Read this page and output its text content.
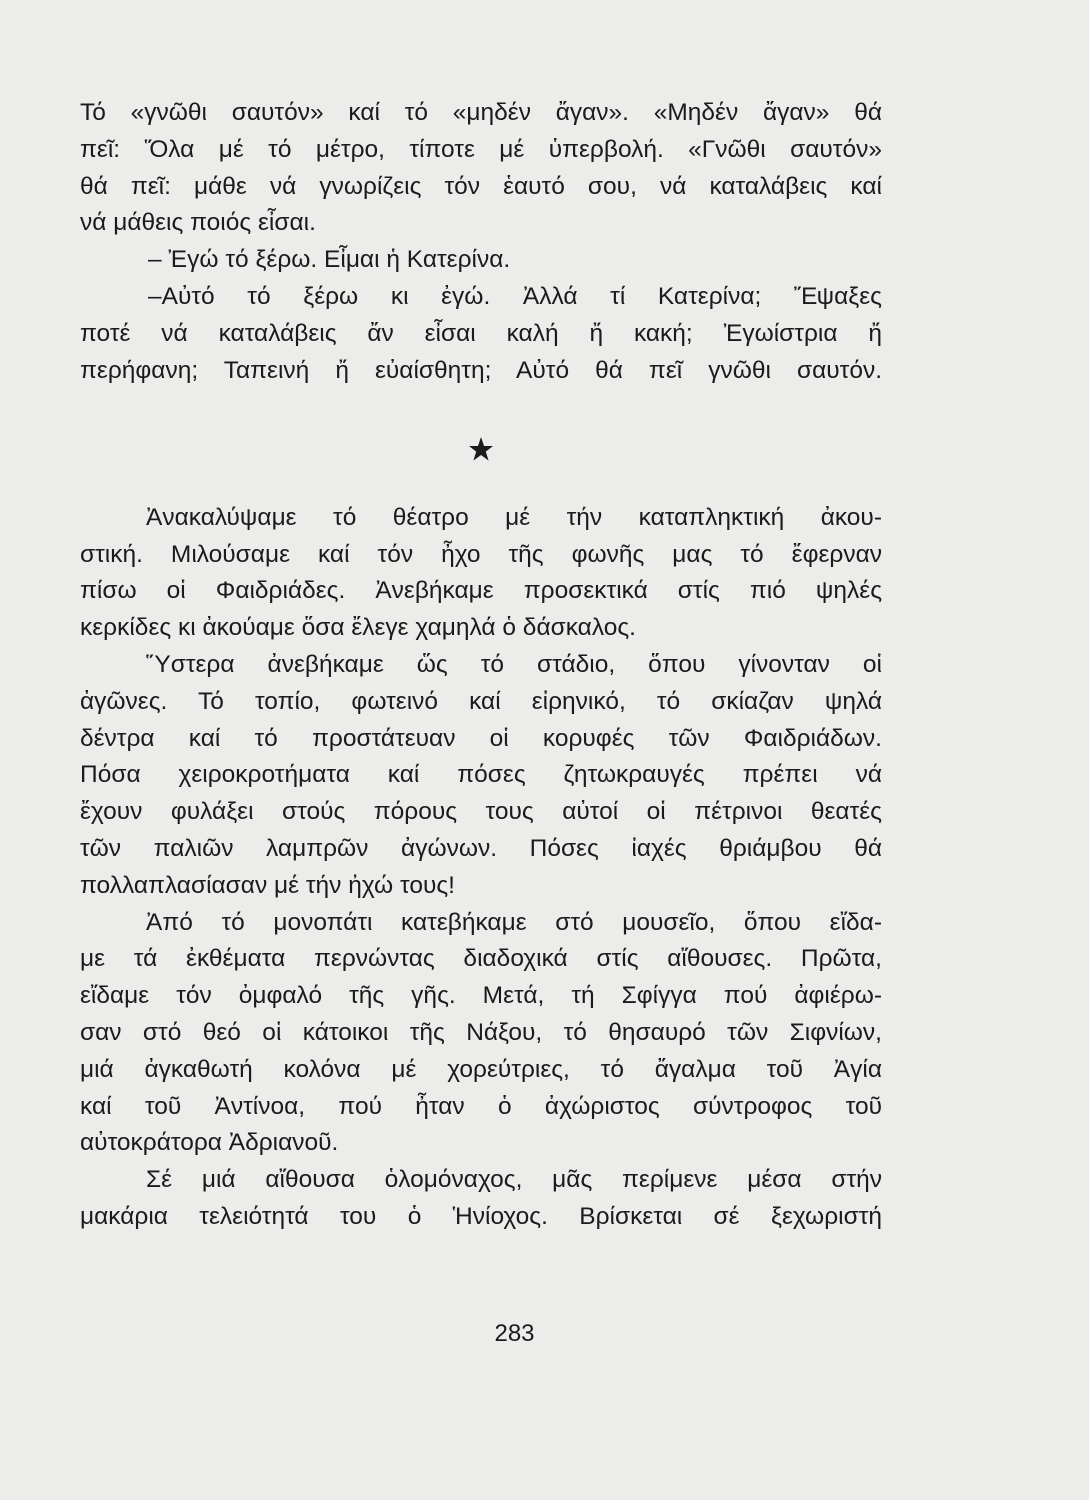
Τό «γνῶθι σαυτόν» καί τό «μηδέν ἄγαν». «Μηδέν ἄγαν» θά
πεῖ: Ὅλα μέ τό μέτρο, τίποτε μέ ὑπερβολή. «Γνῶθι σαυτόν»
θά πεῖ: μάθε νά γνωρίζεις τόν ἑαυτό σου, νά καταλάβεις καί
νά μάθεις ποιός εἶσαι.
– Ἐγώ τό ξέρω. Εἶμαι ἡ Κατερίνα.
–Αὐτό τό ξέρω κι ἐγώ. Ἀλλά τί Κατερίνα; Ἔψαξες
ποτέ νά καταλάβεις ἄν εἶσαι καλή ἤ κακή; Ἐγωίστρια ἤ
περήφανη; Ταπεινή ἤ εὐαίσθητη; Αὐτό θά πεῖ γνῶθι σαυτόν.
Ἀνακαλύψαμε τό θέατρο μέ τήν καταπληκτική ἀκου-
στική. Μιλούσαμε καί τόν ἦχο τῆς φωνῆς μας τό ἔφερναν
πίσω οἱ Φαιδριάδες. Ἀνεβήκαμε προσεκτικά στίς πιό ψηλές
κερκίδες κι ἀκούαμε ὅσα ἔλεγε χαμηλά ὁ δάσκαλος.
Ὕστερα ἀνεβήκαμε ὥς τό στάδιο, ὅπου γίνονταν οἱ
ἀγῶνες. Τό τοπίο, φωτεινό καί εἰρηνικό, τό σκίαζαν ψηλά
δέντρα καί τό προστάτευαν οἱ κορυφές τῶν Φαιδριάδων.
Πόσα χειροκροτήματα καί πόσες ζητωκραυγές πρέπει νά
ἔχουν φυλάξει στούς πόρους τους αὐτοί οἱ πέτρινοι θεατές
τῶν παλιῶν λαμπρῶν ἀγώνων. Πόσες ἰαχές θριάμβου θά
πολλαπλασίασαν μέ τήν ἠχώ τους!
Ἀπό τό μονοπάτι κατεβήκαμε στό μουσεῖο, ὅπου εἴδα-
με τά ἐκθέματα περνώντας διαδοχικά στίς αἴθουσες. Πρῶτα,
εἴδαμε τόν ὀμφαλό τῆς γῆς. Μετά, τή Σφίγγα πού ἀφιέρω-
σαν στό θεό οἱ κάτοικοι τῆς Νάξου, τό θησαυρό τῶν Σιφνίων,
μιά ἀγκαθωτή κολόνα μέ χορεύτριες, τό ἄγαλμα τοῦ Ἀγία
καί τοῦ Ἀντίνοα, πού ἦταν ὁ ἀχώριστος σύντροφος τοῦ
αὐτοκράτορα Ἀδριανοῦ.
Σέ μιά αἴθουσα ὁλομόναχος, μᾶς περίμενε μέσα στήν
μακάρια τελειότητά του ὁ Ἡνίοχος. Βρίσκεται σέ ξεχωριστή
283
